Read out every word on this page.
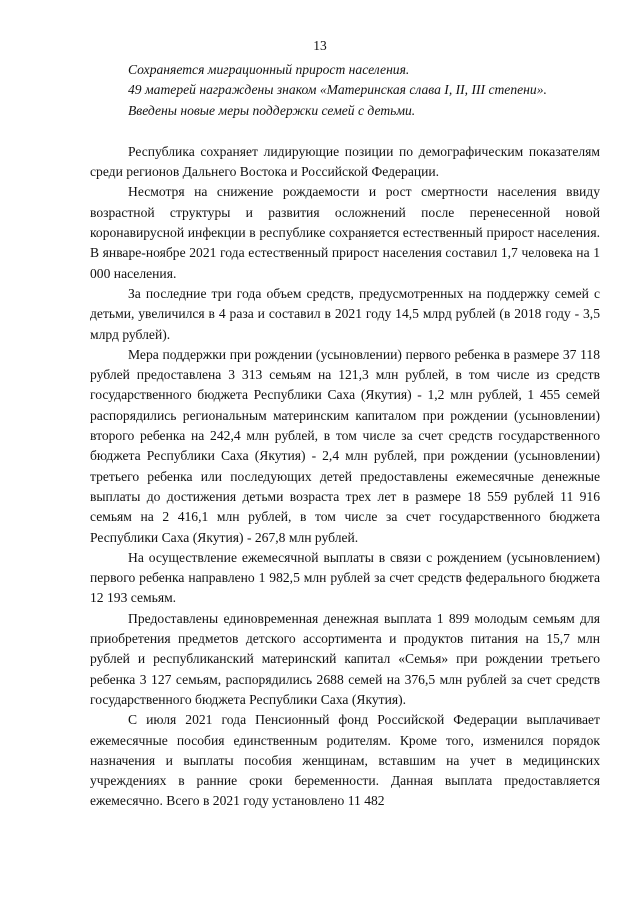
13

Сохраняется миграционный прирост населения.

49 матерей награждены знаком «Материнская слава I, II, III степени».

Введены новые меры поддержки семей с детьми.

Республика сохраняет лидирующие позиции по демографическим показателям среди регионов Дальнего Востока и Российской Федерации.

Несмотря на снижение рождаемости и рост смертности населения ввиду возрастной структуры и развития осложнений после перенесенной новой коронавирусной инфекции в республике сохраняется естественный прирост населения. В январе-ноябре 2021 года естественный прирост населения составил 1,7 человека на 1 000 населения.

За последние три года объем средств, предусмотренных на поддержку семей с детьми, увеличился в 4 раза и составил в 2021 году 14,5 млрд рублей (в 2018 году - 3,5 млрд рублей).

Мера поддержки при рождении (усыновлении) первого ребенка в размере 37 118 рублей предоставлена 3 313 семьям на 121,3 млн рублей, в том числе из средств государственного бюджета Республики Саха (Якутия) - 1,2 млн рублей, 1 455 семей распорядились региональным материнским капиталом при рождении (усыновлении) второго ребенка на 242,4 млн рублей, в том числе за счет средств государственного бюджета Республики Саха (Якутия) - 2,4 млн рублей, при рождении (усыновлении) третьего ребенка или последующих детей предоставлены ежемесячные денежные выплаты до достижения детьми возраста трех лет в размере 18 559 рублей 11 916 семьям на 2 416,1 млн рублей, в том числе за счет государственного бюджета Республики Саха (Якутия) - 267,8 млн рублей.

На осуществление ежемесячной выплаты в связи с рождением (усыновлением) первого ребенка направлено 1 982,5 млн рублей за счет средств федерального бюджета 12 193 семьям.

Предоставлены единовременная денежная выплата 1 899 молодым семьям для приобретения предметов детского ассортимента и продуктов питания на 15,7 млн рублей и республиканский материнский капитал «Семья» при рождении третьего ребенка 3 127 семьям, распорядились 2688 семей на 376,5 млн рублей за счет средств государственного бюджета Республики Саха (Якутия).

С июля 2021 года Пенсионный фонд Российской Федерации выплачивает ежемесячные пособия единственным родителям. Кроме того, изменился порядок назначения и выплаты пособия женщинам, вставшим на учет в медицинских учреждениях в ранние сроки беременности. Данная выплата предоставляется ежемесячно. Всего в 2021 году установлено 11 482
